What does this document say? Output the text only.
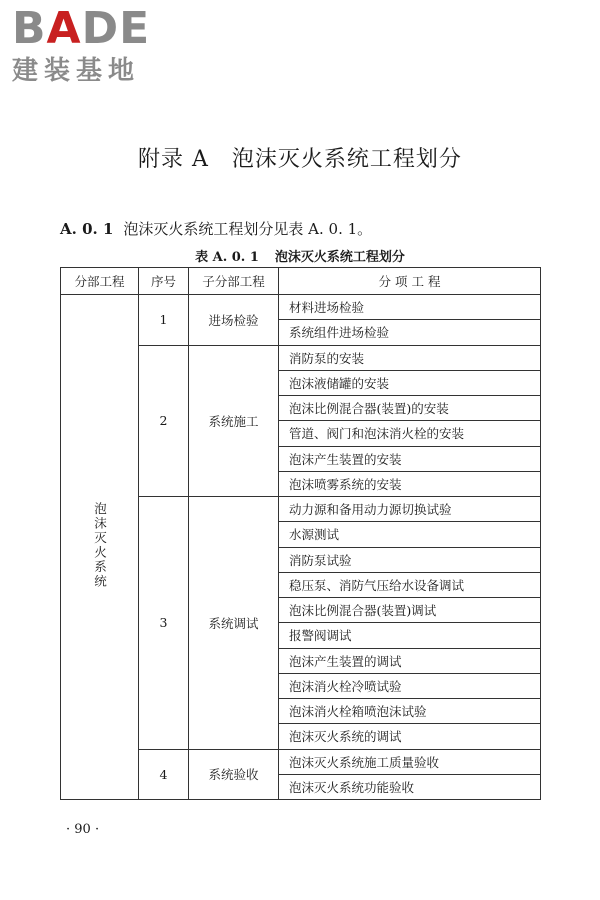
BADE
建装基地
附录 A　泡沫灭火系统工程划分
A. 0. 1 泡沫灭火系统工程划分见表 A. 0. 1。
表 A. 0. 1 泡沫灭火系统工程划分
分部工程	序号	子分部工程	分 项 工 程
泡沫灭火系统	1	进场检验	材料进场检验
			系统组件进场检验
	2	系统施工	消防泵的安装
			泡沫液储罐的安装
			泡沫比例混合器(装置)的安装
			管道、阀门和泡沫消火栓的安装
			泡沫产生装置的安装
			泡沫喷雾系统的安装
	3	系统调试	动力源和备用动力源切换试验
			水源测试
			消防泵试验
			稳压泵、消防气压给水设备调试
			泡沫比例混合器(装置)调试
			报警阀调试
			泡沫产生装置的调试
			泡沫消火栓冷喷试验
			泡沫消火栓箱喷泡沫试验
			泡沫灭火系统的调试
	4	系统验收	泡沫灭火系统施工质量验收
			泡沫灭火系统功能验收
· 90 ·
